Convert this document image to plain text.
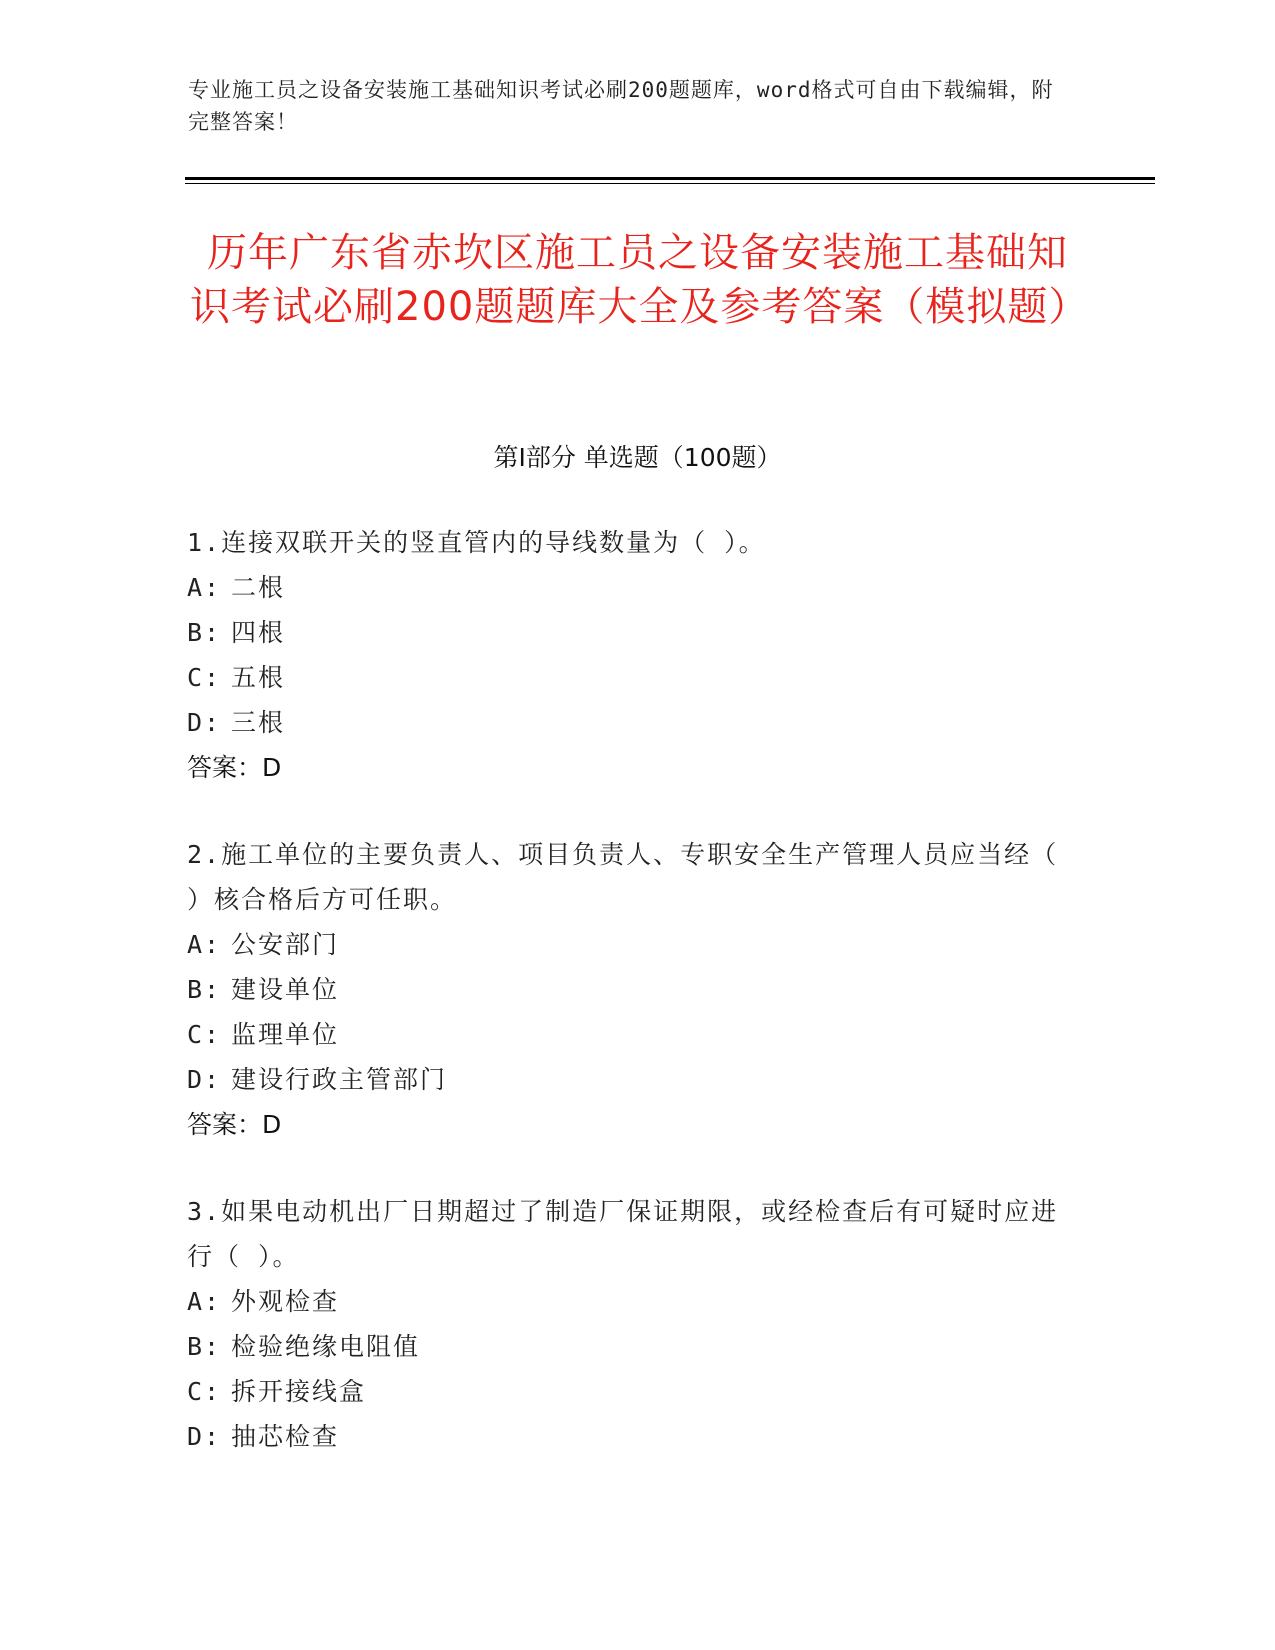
专业施工员之设备安装施工基础知识考试必刷200题题库，word格式可自由下载编辑，附完整答案！
历年广东省赤坎区施工员之设备安装施工基础知识考试必刷200题题库大全及参考答案（模拟题）
第I部分 单选题（100题）

1.连接双联开关的竖直管内的导线数量为（ ）。

A: 二根

B: 四根

C: 五根

D: 三根

答案：D

2.施工单位的主要负责人、项目负责人、专职安全生产管理人员应当经（ ）核合格后方可任职。

A: 公安部门

B: 建设单位

C: 监理单位

D: 建设行政主管部门

答案：D

3.如果电动机出厂日期超过了制造厂保证期限，或经检查后有可疑时应进行（ ）。

A: 外观检查

B: 检验绝缘电阻值

C: 拆开接线盒

D: 抽芯检查
